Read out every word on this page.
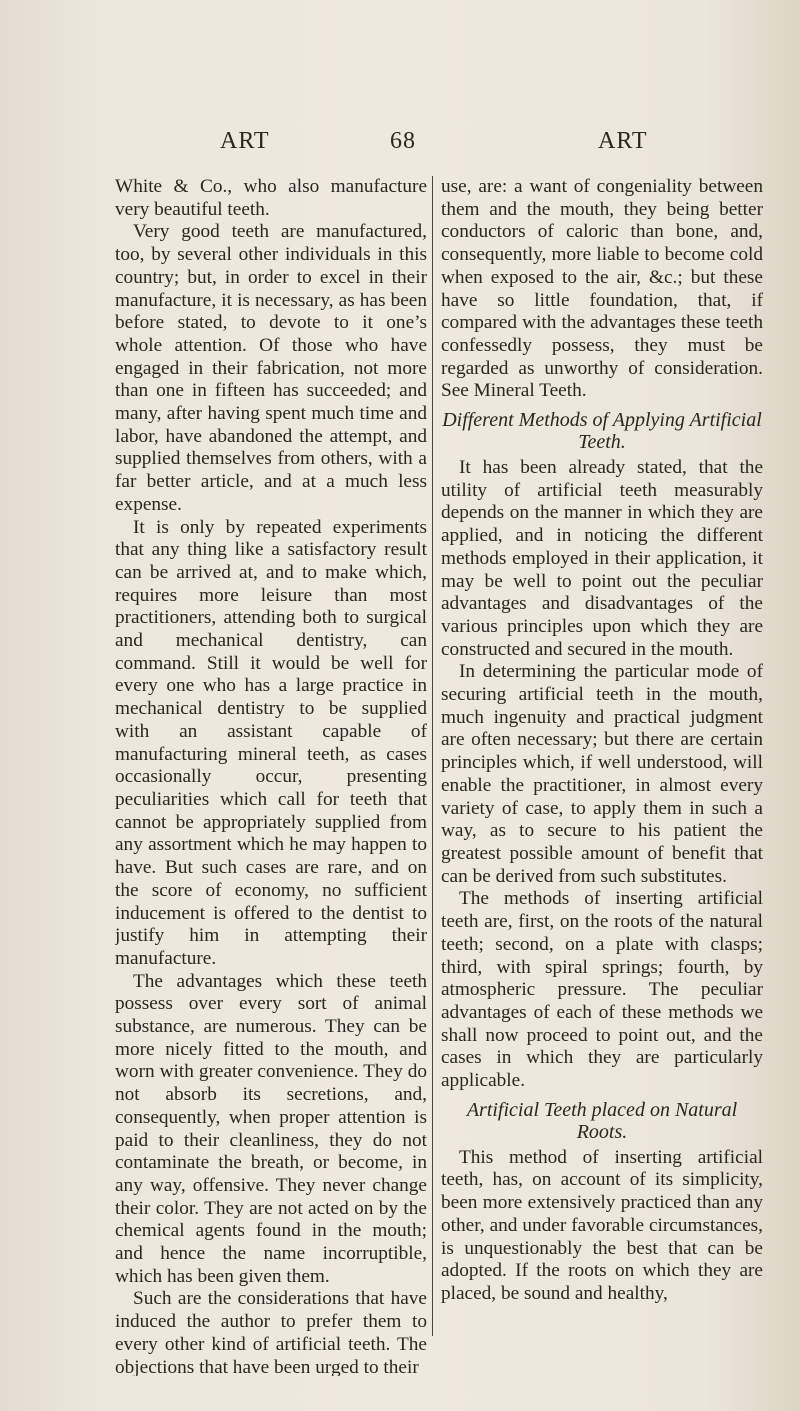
ART	68	ART

White & Co., who also manufacture very beautiful teeth.

Very good teeth are manufactured, too, by several other individuals in this country; but, in order to excel in their manufacture, it is necessary, as has been before stated, to devote to it one’s whole attention. Of those who have engaged in their fabrication, not more than one in fifteen has succeeded; and many, after having spent much time and labor, have abandoned the attempt, and supplied themselves from others, with a far better article, and at a much less expense.

It is only by repeated experiments that any thing like a satisfactory result can be arrived at, and to make which, requires more leisure than most practitioners, attending both to surgical and mechanical dentistry, can command. Still it would be well for every one who has a large practice in mechanical dentistry to be supplied with an assistant capable of manufacturing mineral teeth, as cases occasionally occur, presenting peculiarities which call for teeth that cannot be appropriately supplied from any assortment which he may happen to have. But such cases are rare, and on the score of economy, no sufficient inducement is offered to the dentist to justify him in attempting their manufacture.

The advantages which these teeth possess over every sort of animal substance, are numerous. They can be more nicely fitted to the mouth, and worn with greater convenience. They do not absorb its secretions, and, consequently, when proper attention is paid to their cleanliness, they do not contaminate the breath, or become, in any way, offensive. They never change their color. They are not acted on by the chemical agents found in the mouth; and hence the name incorruptible, which has been given them.

Such are the considerations that have induced the author to prefer them to every other kind of artificial teeth. The objections that have been urged to their

use, are: a want of congeniality between them and the mouth, they being better conductors of caloric than bone, and, consequently, more liable to become cold when exposed to the air, &c.; but these have so little foundation, that, if compared with the advantages these teeth confessedly possess, they must be regarded as unworthy of consideration. See Mineral Teeth.

Different Methods of Applying Artificial Teeth.

It has been already stated, that the utility of artificial teeth measurably depends on the manner in which they are applied, and in noticing the different methods employed in their application, it may be well to point out the peculiar advantages and disadvantages of the various principles upon which they are constructed and secured in the mouth.

In determining the particular mode of securing artificial teeth in the mouth, much ingenuity and practical judgment are often necessary; but there are certain principles which, if well understood, will enable the practitioner, in almost every variety of case, to apply them in such a way, as to secure to his patient the greatest possible amount of benefit that can be derived from such substitutes.

The methods of inserting artificial teeth are, first, on the roots of the natural teeth; second, on a plate with clasps; third, with spiral springs; fourth, by atmospheric pressure. The peculiar advantages of each of these methods we shall now proceed to point out, and the cases in which they are particularly applicable.

Artificial Teeth placed on Natural Roots.

This method of inserting artificial teeth, has, on account of its simplicity, been more extensively practiced than any other, and under favorable circumstances, is unquestionably the best that can be adopted. If the roots on which they are placed, be sound and healthy,
